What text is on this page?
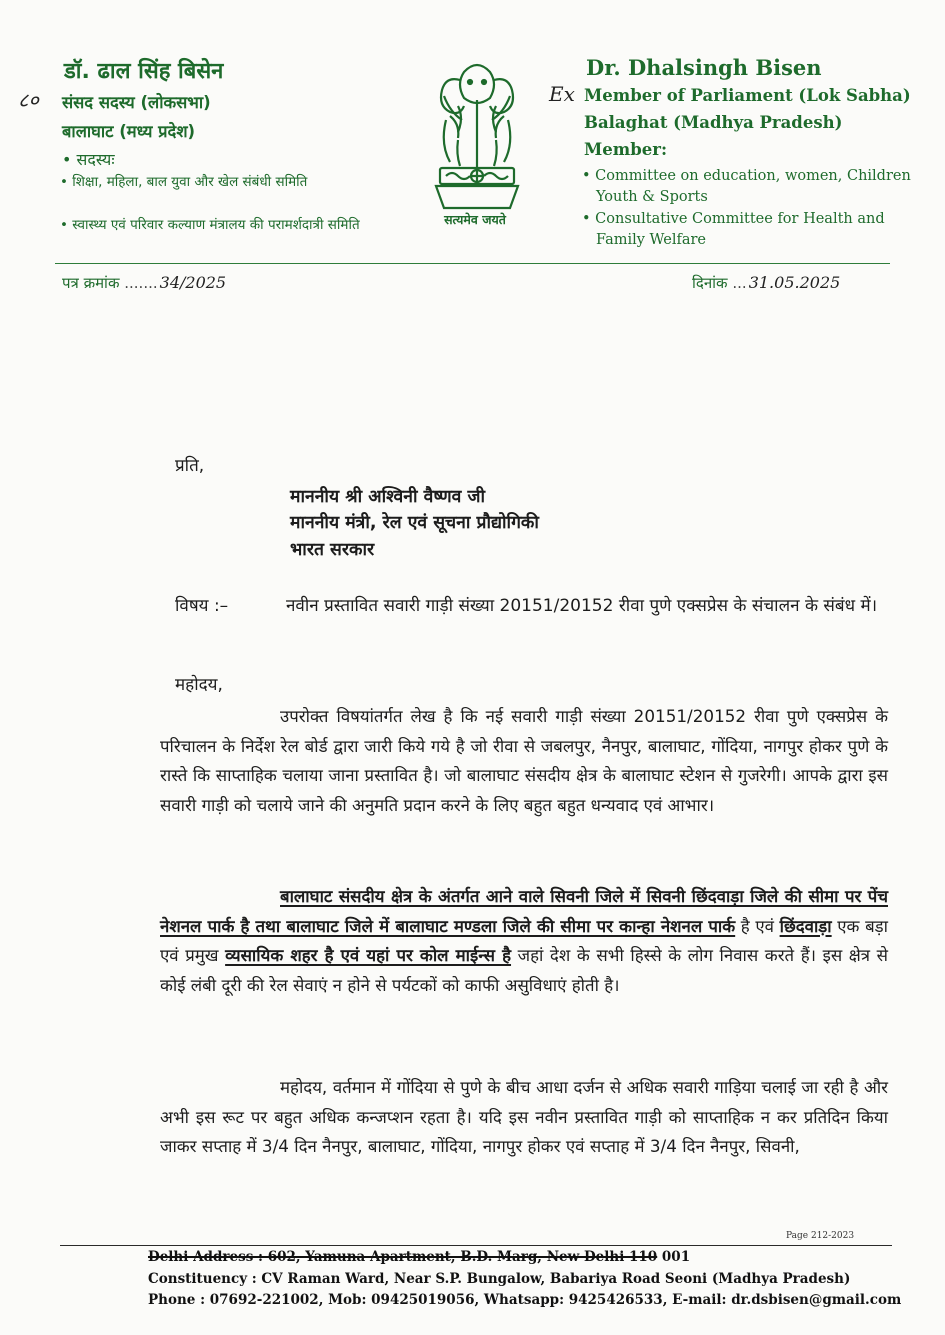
८०
डॉ. ढाल सिंह बिसेन
संसद सदस्य (लोकसभा)
बालाघाट (मध्य प्रदेश)
• सदस्यः
• शिक्षा, महिला, बाल युवा और खेल संबंधी समिति
• स्वास्थ्य एवं परिवार कल्याण मंत्रालय की परामर्शदात्री समिति	सत्यमेव जयते
Ex
Dr. Dhalsingh Bisen
Member of Parliament (Lok Sabha)
Balaghat (Madhya Pradesh)
Member:
• Committee on education, women, Children Youth & Sports
• Consultative Committee for Health and Family Welfare
पत्र क्रमांक ....... 34/2025	दिनांक ... 31.05.2025
प्रति,
माननीय श्री अश्विनी वैष्णव जी
माननीय मंत्री, रेल एवं सूचना प्रौद्योगिकी
भारत सरकार
विषय :–	नवीन प्रस्तावित सवारी गाड़ी संख्या 20151/20152 रीवा पुणे एक्सप्रेस के संचालन के संबंध में।
महोदय,
उपरोक्त विषयांतर्गत लेख है कि नई सवारी गाड़ी संख्या 20151/20152 रीवा पुणे एक्सप्रेस के परिचालन के निर्देश रेल बोर्ड द्वारा जारी किये गये है जो रीवा से जबलपुर, नैनपुर, बालाघाट, गोंदिया, नागपुर होकर पुणे के रास्ते कि साप्ताहिक चलाया जाना प्रस्तावित है। जो बालाघाट संसदीय क्षेत्र के बालाघाट स्टेशन से गुजरेगी। आपके द्वारा इस सवारी गाड़ी को चलाये जाने की अनुमति प्रदान करने के लिए बहुत बहुत धन्यवाद एवं आभार।
बालाघाट संसदीय क्षेत्र के अंतर्गत आने वाले सिवनी जिले में सिवनी छिंदवाड़ा जिले की सीमा पर पेंच नेशनल पार्क है तथा बालाघाट जिले में बालाघाट मण्डला जिले की सीमा पर कान्हा नेशनल पार्क है एवं छिंदवाड़ा एक बड़ा एवं प्रमुख व्यसायिक शहर है एवं यहां पर कोल माईन्स है जहां देश के सभी हिस्से के लोग निवास करते हैं। इस क्षेत्र से कोई लंबी दूरी की रेल सेवाएं न होने से पर्यटकों को काफी असुविधाएं होती है।
महोदय, वर्तमान में गोंदिया से पुणे के बीच आधा दर्जन से अधिक सवारी गाड़िया चलाई जा रही है और अभी इस रूट पर बहुत अधिक कन्जप्शन रहता है। यदि इस नवीन प्रस्तावित गाड़ी को साप्ताहिक न कर प्रतिदिन किया जाकर सप्ताह में 3/4 दिन नैनपुर, बालाघाट, गोंदिया, नागपुर होकर एवं सप्ताह में 3/4 दिन नैनपुर, सिवनी,
Page 212-2023
Delhi Address : 602, Yamuna Apartment, B.D. Marg, New Delhi 110 001
Constituency : CV Raman Ward, Near S.P. Bungalow, Babariya Road Seoni (Madhya Pradesh)
Phone : 07692-221002, Mob: 09425019056, Whatsapp: 9425426533, E-mail: dr.dsbisen@gmail.com
